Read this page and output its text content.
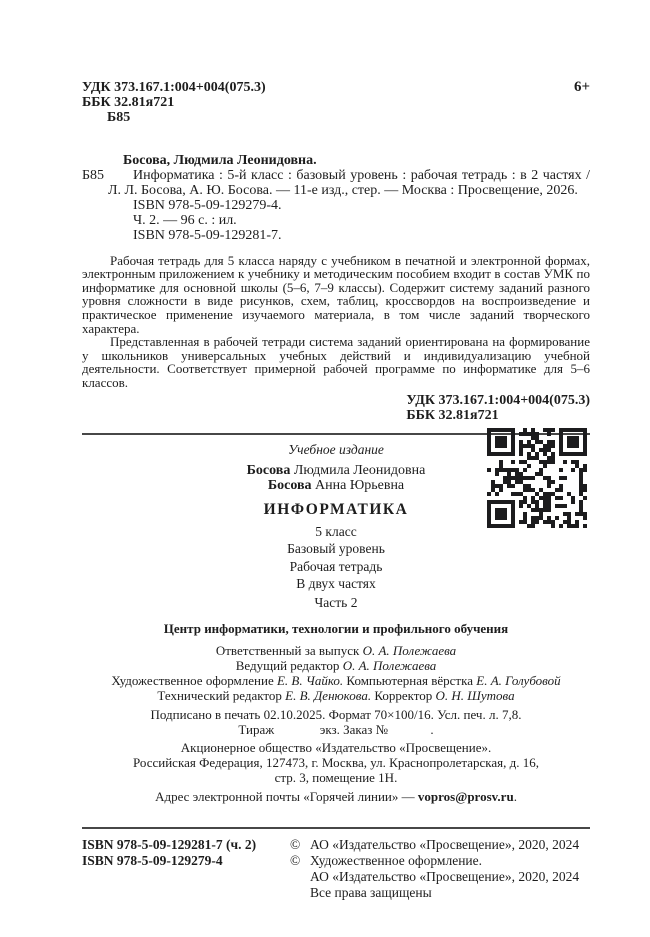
УДК 373.167.1:004+004(075.3)
ББК 32.81я721
Б85
6+
Б85
Босова, Людмила Леонидовна.
Информатика : 5-й класс : базовый уровень : рабочая тетрадь : в 2 частях / Л. Л. Босова, А. Ю. Босова. — 11-е изд., стер. — Москва : Просвещение, 2026.
ISBN 978-5-09-129279-4.
Ч. 2. — 96 с. : ил.
ISBN 978-5-09-129281-7.

Рабочая тетрадь для 5 класса наряду с учебником в печатной и электронной формах, электронным приложением к учебнику и методическим пособием входит в состав УМК по информатике для основной школы (5–6, 7–9 классы). Содержит систему заданий разного уровня сложности в виде рисунков, схем, таблиц, кроссвордов на воспроизведение и практическое применение изучаемого материала, в том числе заданий творческого характера.

Представленная в рабочей тетради система заданий ориентирована на формирование у школьников универсальных учебных действий и индивидуализацию учебной деятельности. Соответствует примерной рабочей программе по информатике для 5–6 классов.

УДК 373.167.1:004+004(075.3)
ББК 32.81я721
Учебное издание
Босова Людмила Леонидовна
Босова Анна Юрьевна
ИНФОРМАТИКА
5 класс
Базовый уровень
Рабочая тетрадь
В двух частях
Часть 2
Центр информатики, технологии и профильного обучения
Ответственный за выпуск О. А. Полежаева
Ведущий редактор О. А. Полежаева
Художественное оформление Е. В. Чайко. Компьютерная вёрстка Е. А. Голубовой
Технический редактор Е. В. Денюкова. Корректор О. Н. Шутова
Подписано в печать 02.10.2025. Формат 70×100/16. Усл. печ. л. 7,8.
Тираж              экз. Заказ №             .
Акционерное общество «Издательство «Просвещение».
Российская Федерация, 127473, г. Москва, ул. Краснопролетарская, д. 16,
стр. 3, помещение 1Н.
Адрес электронной почты «Горячей линии» — vopros@prosv.ru.
ISBN 978-5-09-129281-7 (ч. 2)
ISBN 978-5-09-129279-4
© АО «Издательство «Просвещение», 2020, 2024
© Художественное оформление.
АО «Издательство «Просвещение», 2020, 2024
Все права защищены
